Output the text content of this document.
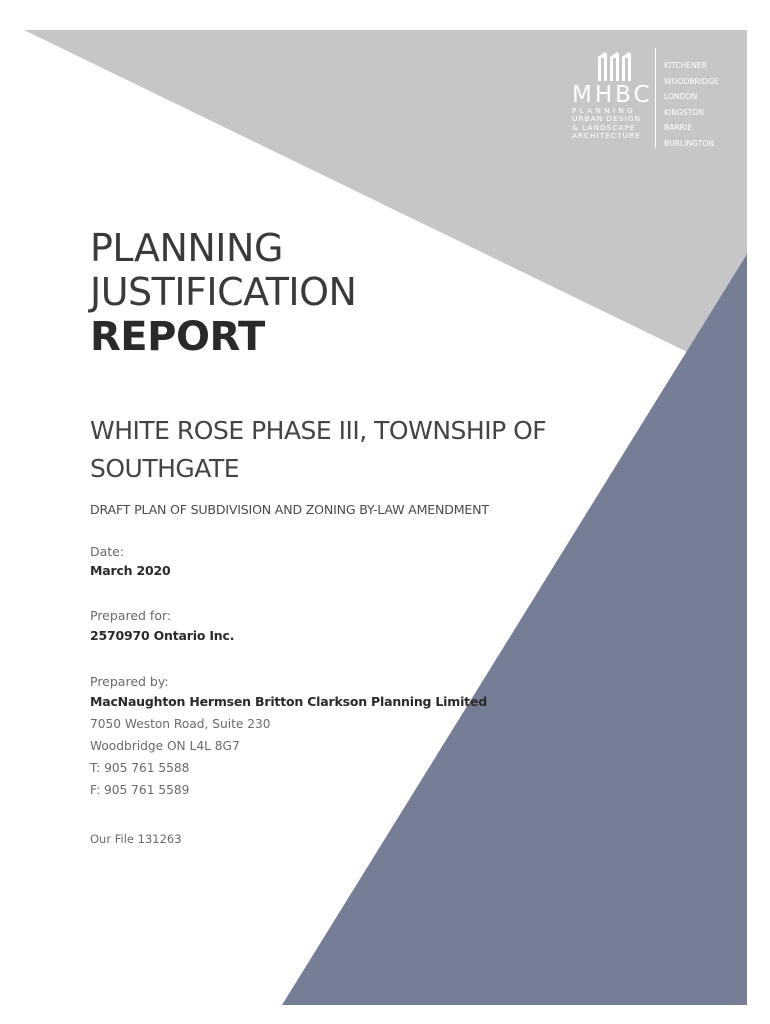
MHBC
PLANNING
URBAN DESIGN
& LANDSCAPE
ARCHITECTURE
KITCHENER
WOODBRIDGE
LONDON
KINGSTON
BARRIE
BURLINGTON
PLANNING
JUSTIFICATION
REPORT
WHITE ROSE PHASE III, TOWNSHIP OF
SOUTHGATE
DRAFT PLAN OF SUBDIVISION AND ZONING BY-LAW AMENDMENT
Date:
March 2020
Prepared for:
2570970 Ontario Inc.
Prepared by:
MacNaughton Hermsen Britton Clarkson Planning Limited
7050 Weston Road, Suite 230
Woodbridge ON L4L 8G7
T: 905 761 5588
F: 905 761 5589
Our File 131263
